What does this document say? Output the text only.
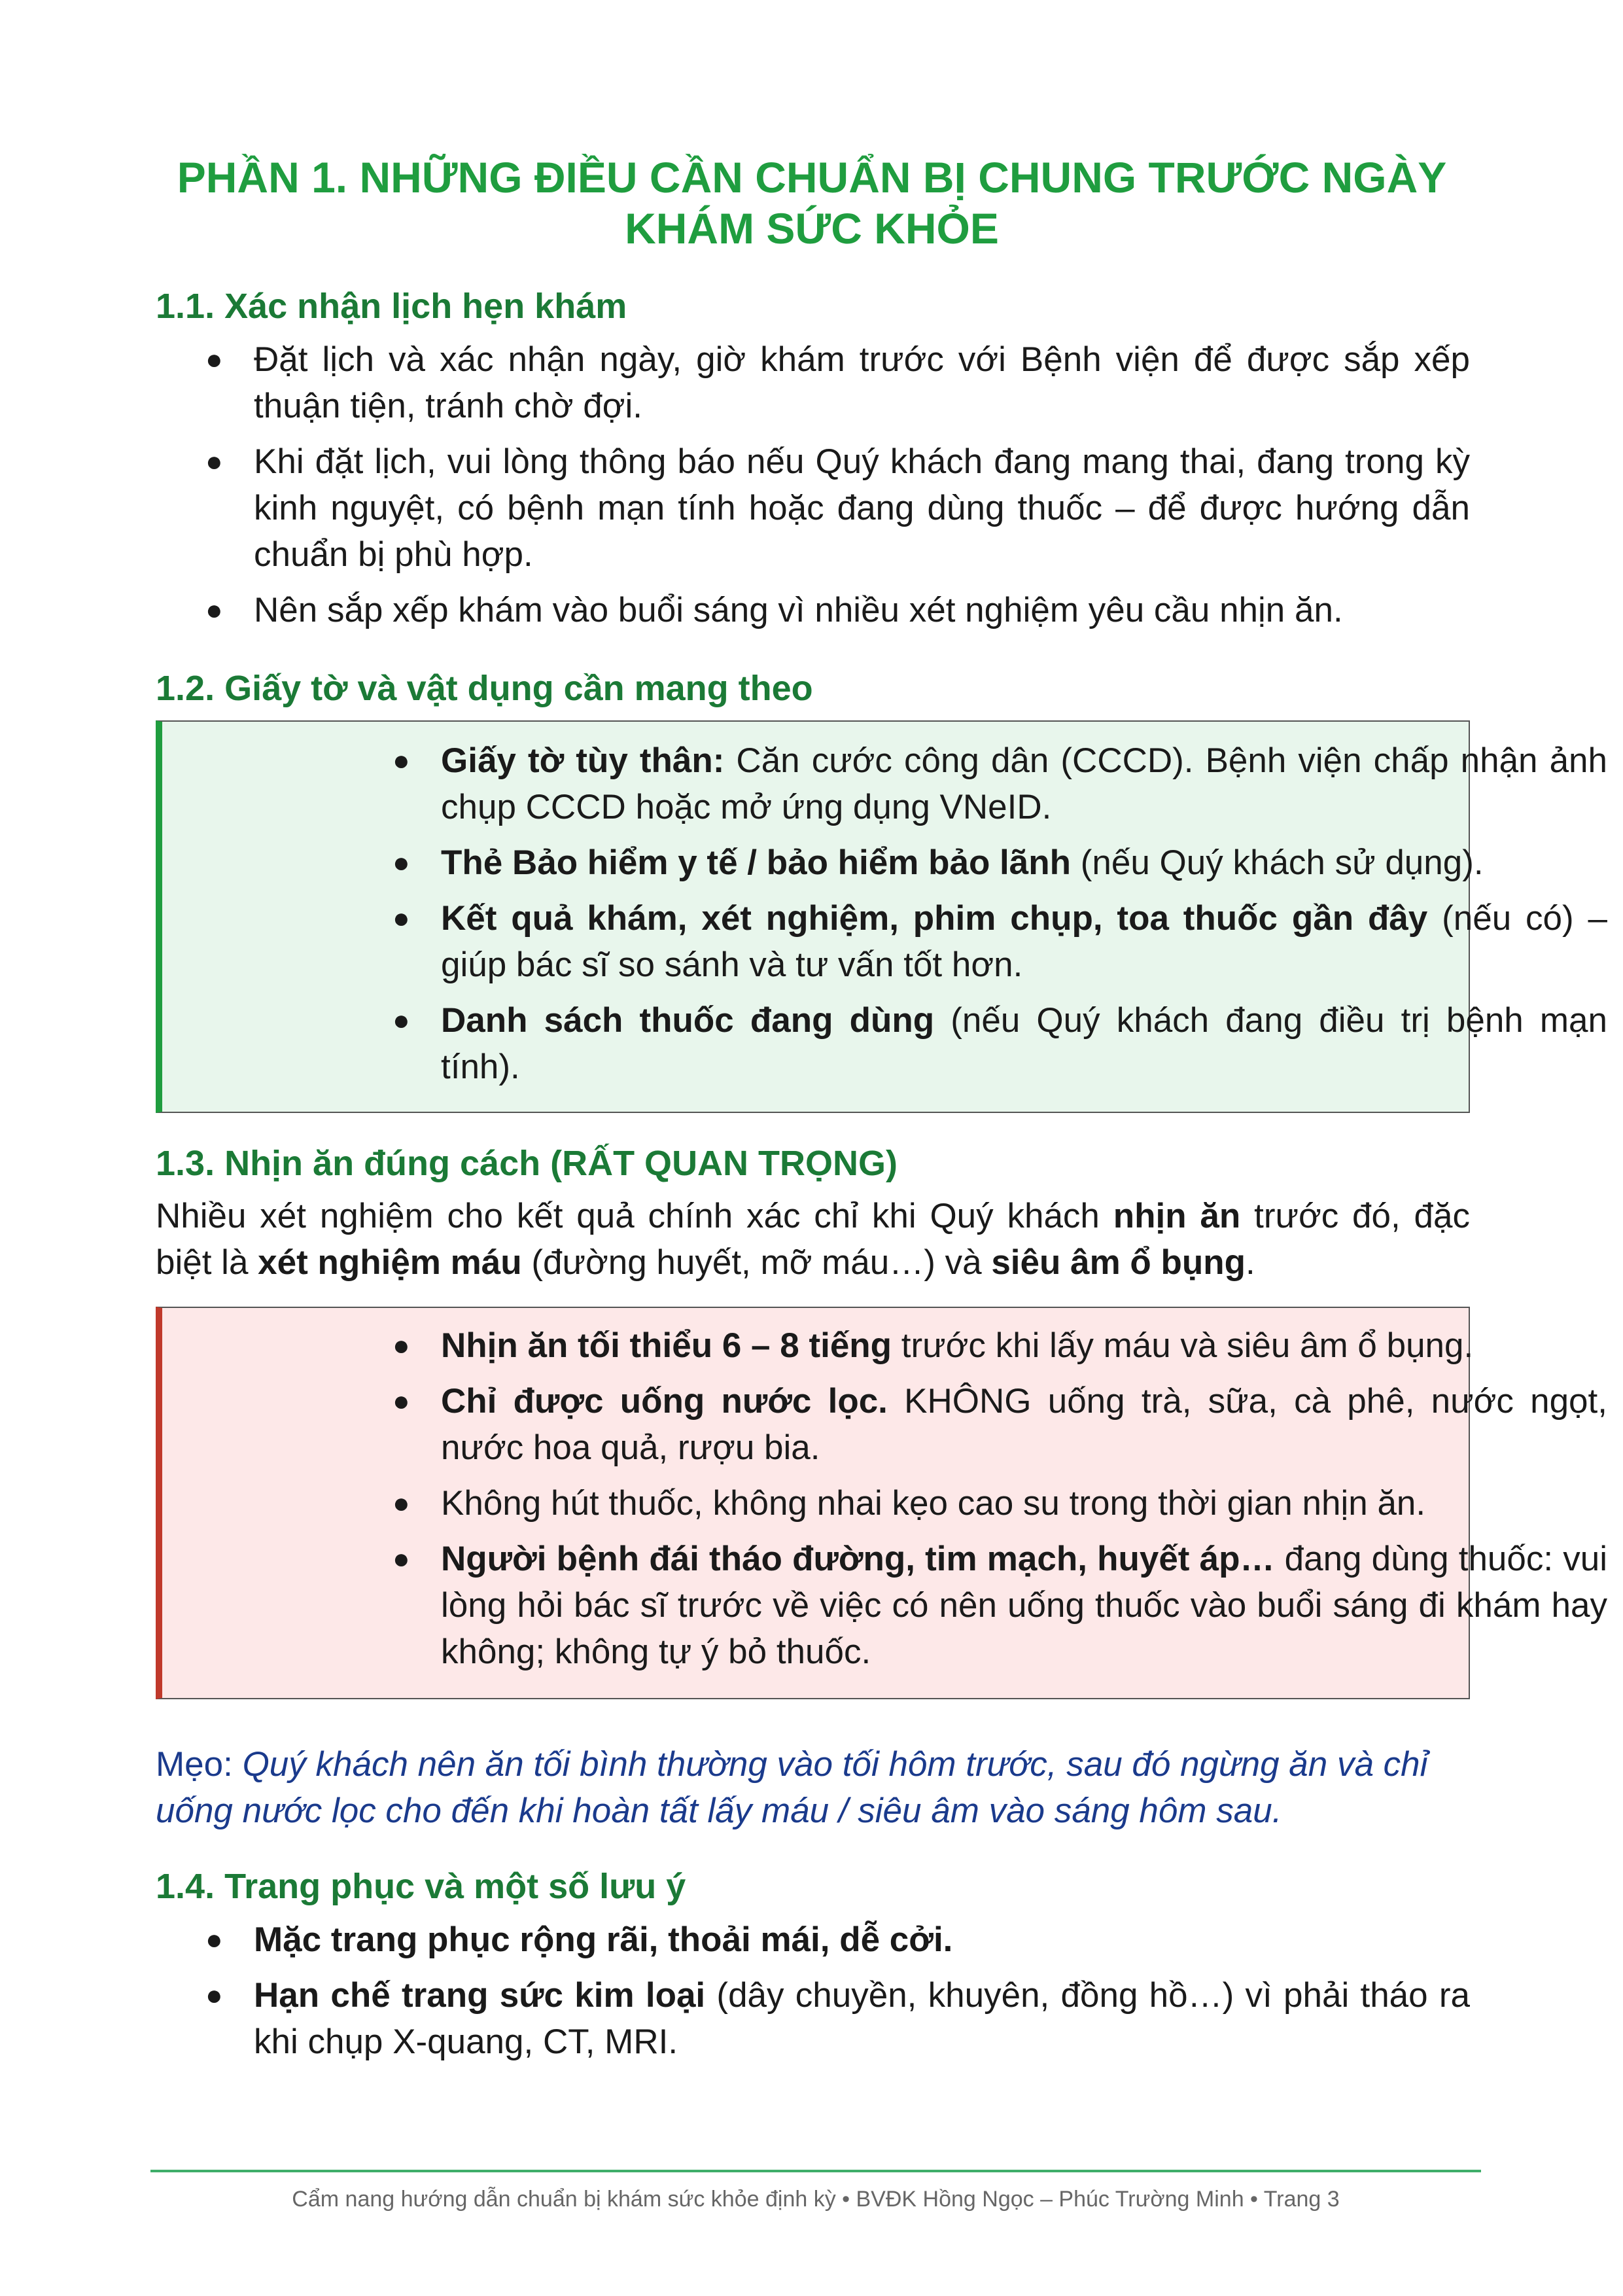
PHẦN 1. NHỮNG ĐIỀU CẦN CHUẨN BỊ CHUNG TRƯỚC NGÀY
KHÁM SỨC KHỎE
1.1. Xác nhận lịch hẹn khám
● Đặt lịch và xác nhận ngày, giờ khám trước với Bệnh viện để được sắp xếp thuận tiện, tránh chờ đợi.
● Khi đặt lịch, vui lòng thông báo nếu Quý khách đang mang thai, đang trong kỳ kinh nguyệt, có bệnh mạn tính hoặc đang dùng thuốc – để được hướng dẫn chuẩn bị phù hợp.
● Nên sắp xếp khám vào buổi sáng vì nhiều xét nghiệm yêu cầu nhịn ăn.
1.2. Giấy tờ và vật dụng cần mang theo
● Giấy tờ tùy thân: Căn cước công dân (CCCD). Bệnh viện chấp nhận ảnh chụp CCCD hoặc mở ứng dụng VNeID.
● Thẻ Bảo hiểm y tế / bảo hiểm bảo lãnh (nếu Quý khách sử dụng).
● Kết quả khám, xét nghiệm, phim chụp, toa thuốc gần đây (nếu có) – giúp bác sĩ so sánh và tư vấn tốt hơn.
● Danh sách thuốc đang dùng (nếu Quý khách đang điều trị bệnh mạn tính).
1.3. Nhịn ăn đúng cách (RẤT QUAN TRỌNG)

Nhiều xét nghiệm cho kết quả chính xác chỉ khi Quý khách nhịn ăn trước đó, đặc biệt là xét nghiệm máu (đường huyết, mỡ máu…) và siêu âm ổ bụng.

● Nhịn ăn tối thiểu 6 – 8 tiếng trước khi lấy máu và siêu âm ổ bụng.
● Chỉ được uống nước lọc. KHÔNG uống trà, sữa, cà phê, nước ngọt, nước hoa quả, rượu bia.
● Không hút thuốc, không nhai kẹo cao su trong thời gian nhịn ăn.
● Người bệnh đái tháo đường, tim mạch, huyết áp… đang dùng thuốc: vui lòng hỏi bác sĩ trước về việc có nên uống thuốc vào buổi sáng đi khám hay không; không tự ý bỏ thuốc.

Mẹo: Quý khách nên ăn tối bình thường vào tối hôm trước, sau đó ngừng ăn và chỉ uống nước lọc cho đến khi hoàn tất lấy máu / siêu âm vào sáng hôm sau.

1.4. Trang phục và một số lưu ý
● Mặc trang phục rộng rãi, thoải mái, dễ cởi.
● Hạn chế trang sức kim loại (dây chuyền, khuyên, đồng hồ…) vì phải tháo ra khi chụp X-quang, CT, MRI.

Cẩm nang hướng dẫn chuẩn bị khám sức khỏe định kỳ • BVĐK Hồng Ngọc – Phúc Trường Minh • Trang 3
